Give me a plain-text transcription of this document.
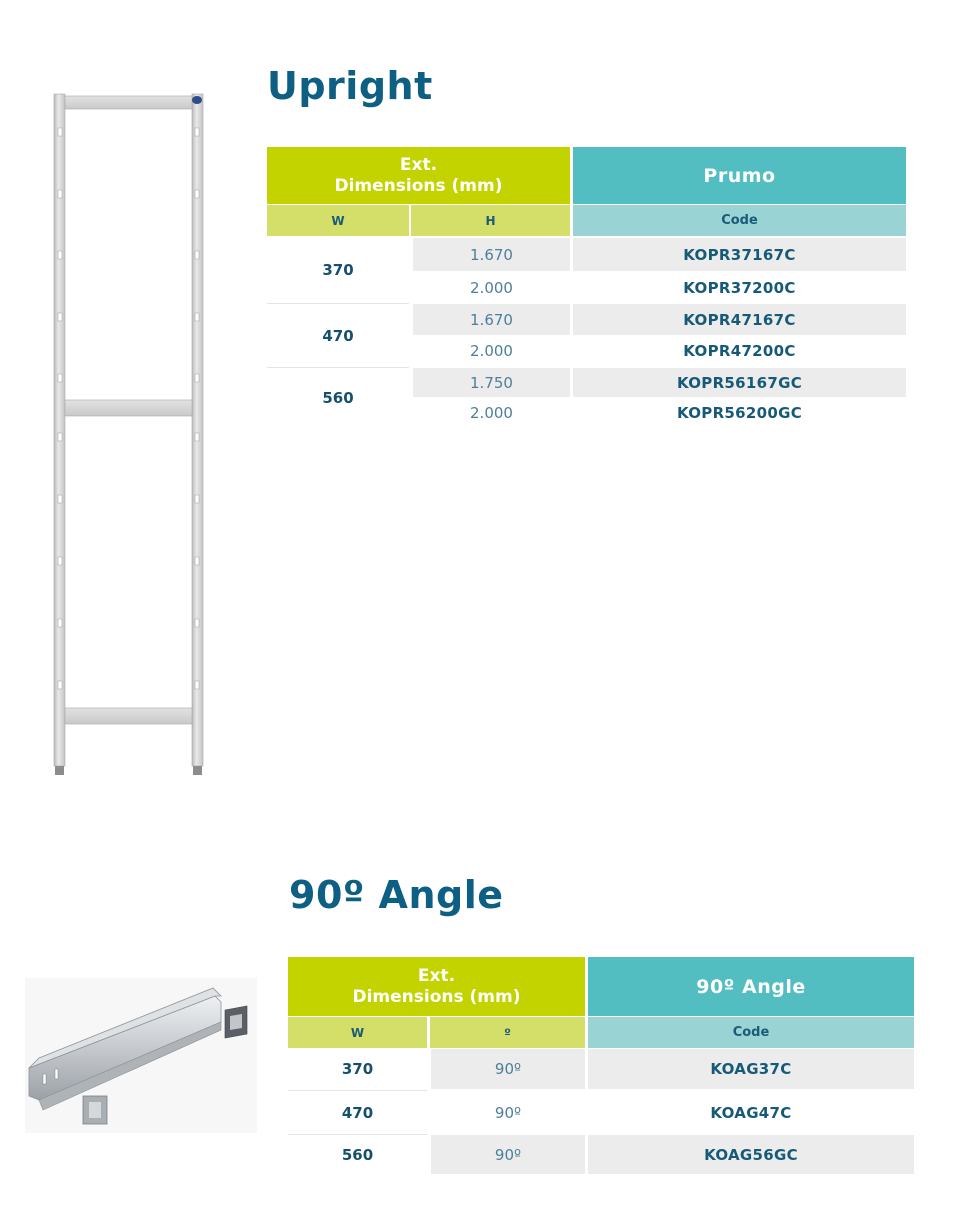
Upright
Ext.
Dimensions (mm)	Prumo
W	H	Code
370
1.670	KOPR37167C
2.000	KOPR37200C
470
1.670	KOPR47167C
2.000	KOPR47200C
560
1.750	KOPR56167GC
2.000	KOPR56200GC
90º Angle
Ext.
Dimensions (mm)	90º Angle
W	º	Code
370	90º	KOAG37C
470	90º	KOAG47C
560	90º	KOAG56GC
